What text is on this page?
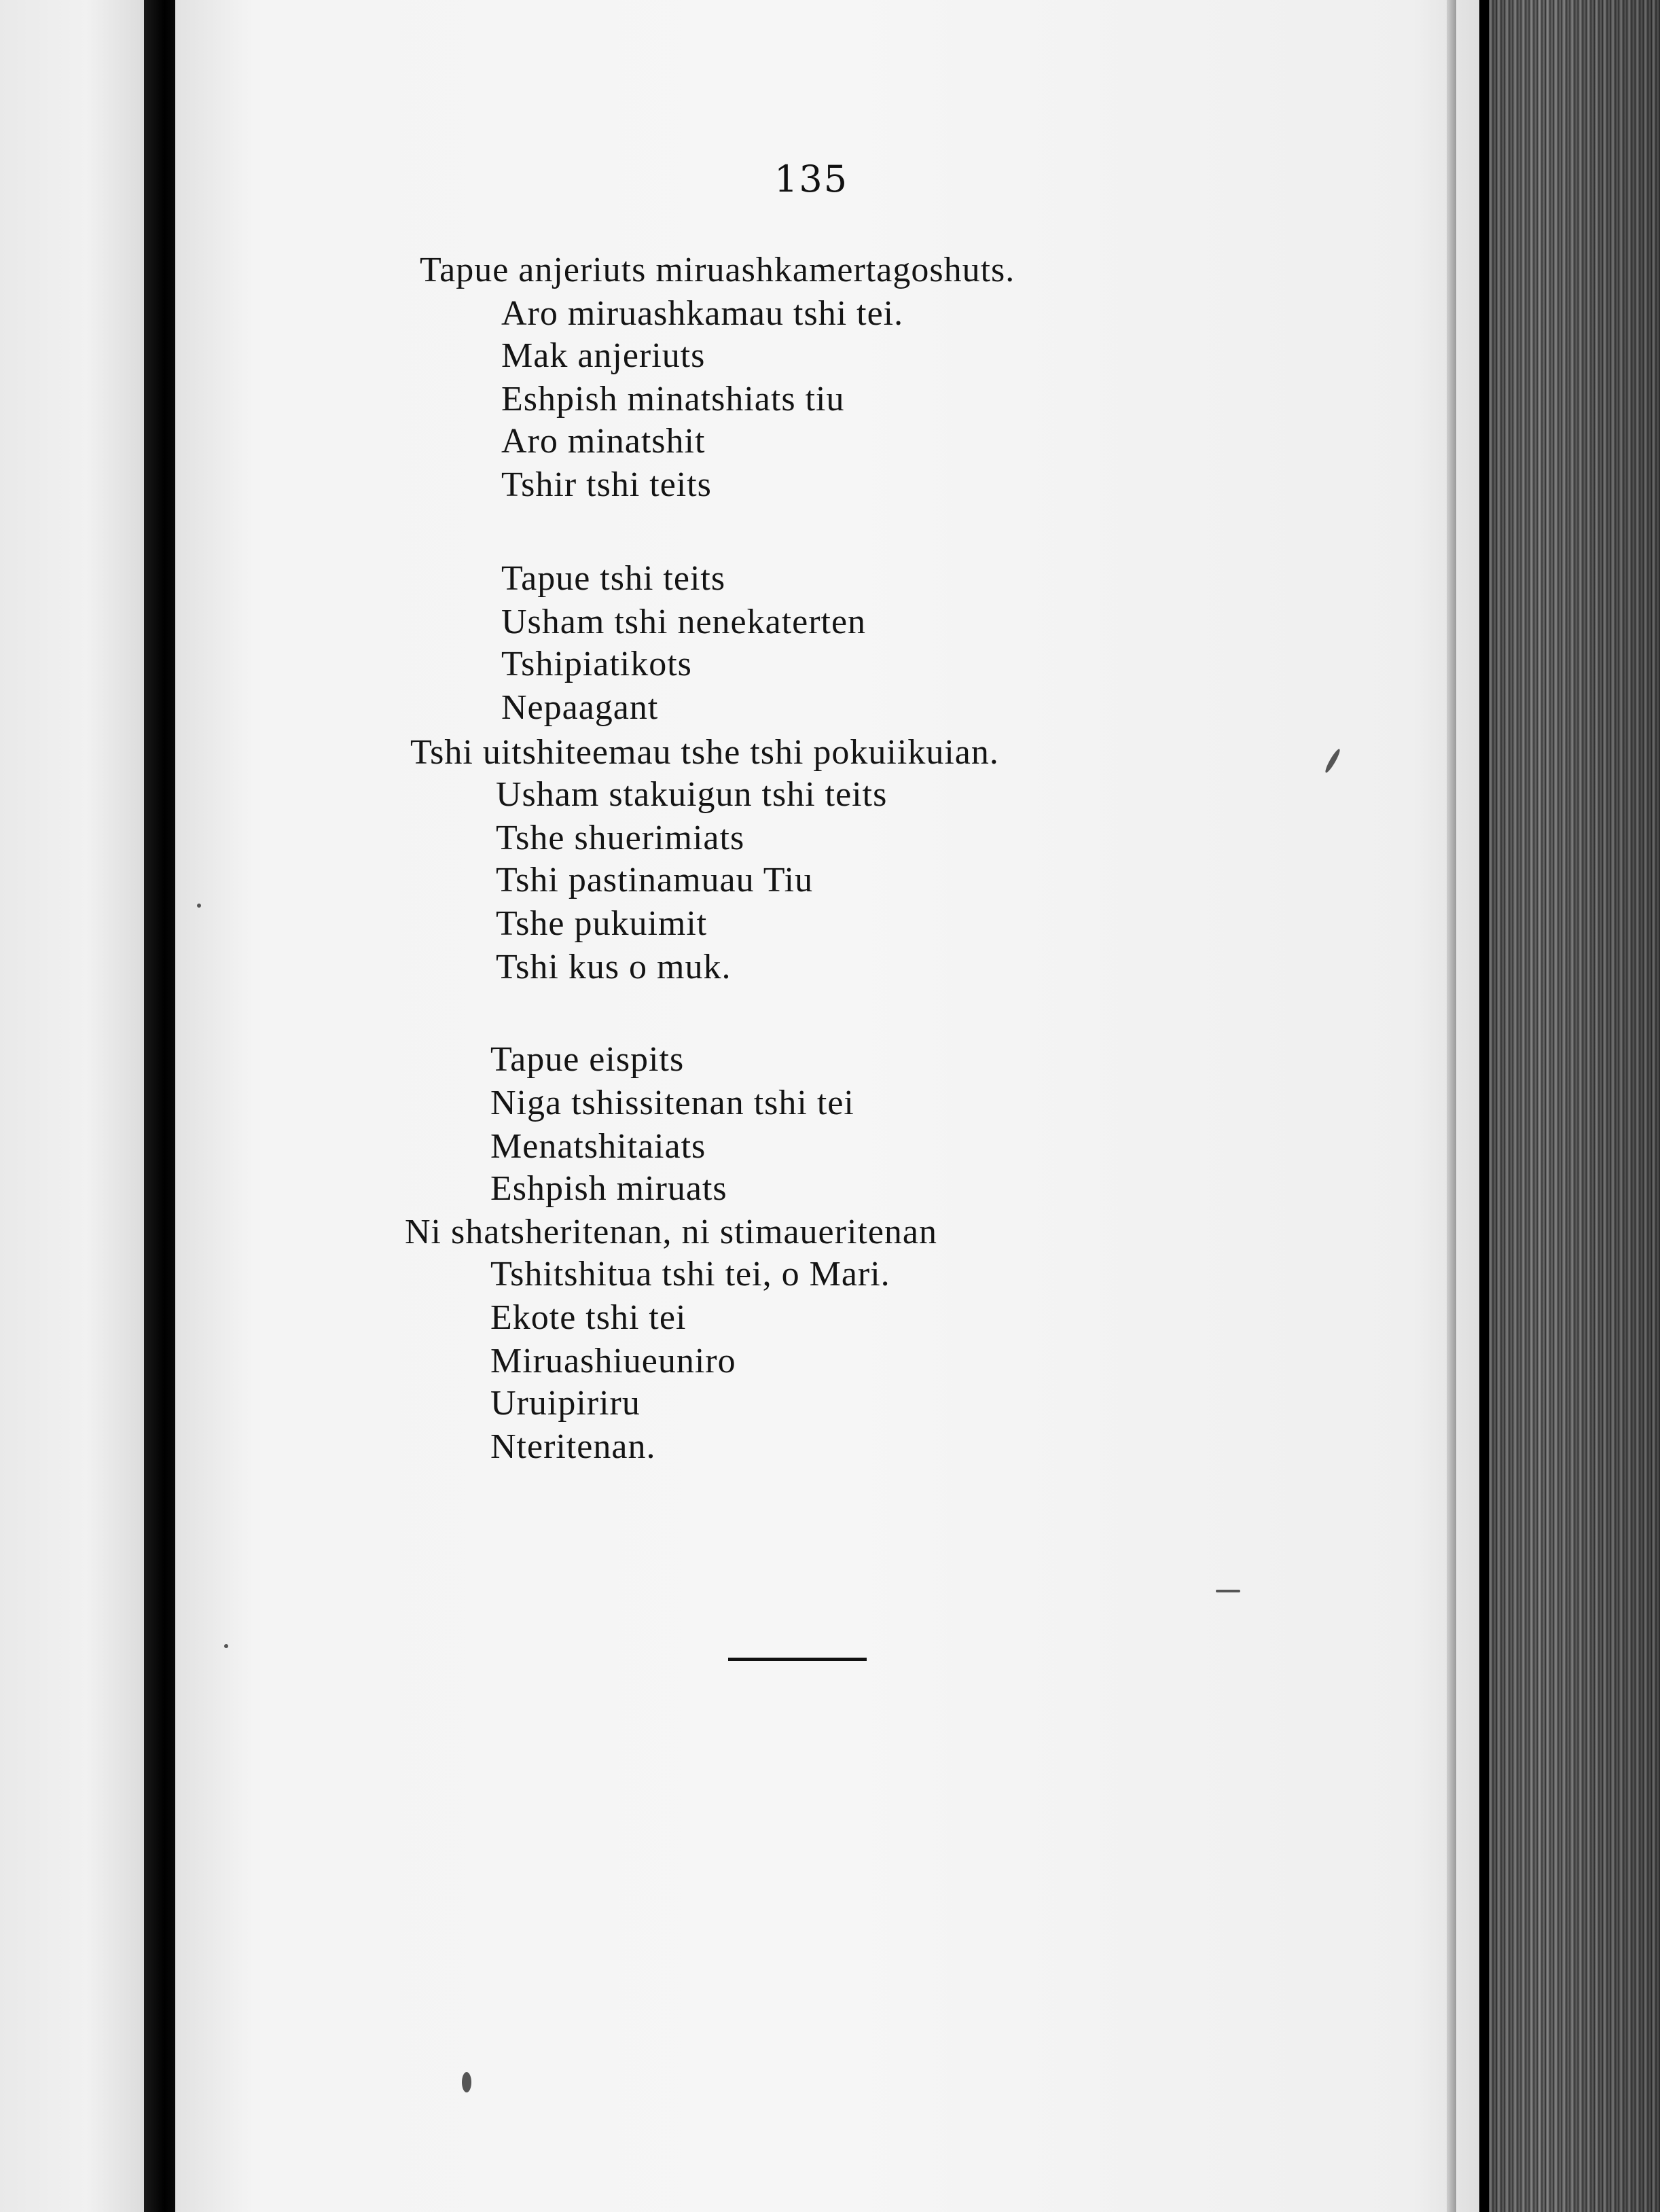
135
Tapue anjeriuts miruashkamertagoshuts.
Aro miruashkamau tshi tei.
Mak anjeriuts
Eshpish minatshiats tiu
Aro minatshit
Tshir tshi teits
Tapue tshi teits
Usham tshi nenekaterten
Tshipiatikots
Nepaagant
Tshi uitshiteemau tshe tshi pokuiikuian.
Usham stakuigun tshi teits
Tshe shuerimiats
Tshi pastinamuau Tiu
Tshe pukuimit
Tshi kus o muk.
Tapue eispits
Niga tshissitenan tshi tei
Menatshitaiats
Eshpish miruats
Ni shatsheritenan, ni stimaueritenan
Tshitshitua tshi tei, o Mari.
Ekote tshi tei
Miruashiueuniro
Uruipiriru
Nteritenan.
